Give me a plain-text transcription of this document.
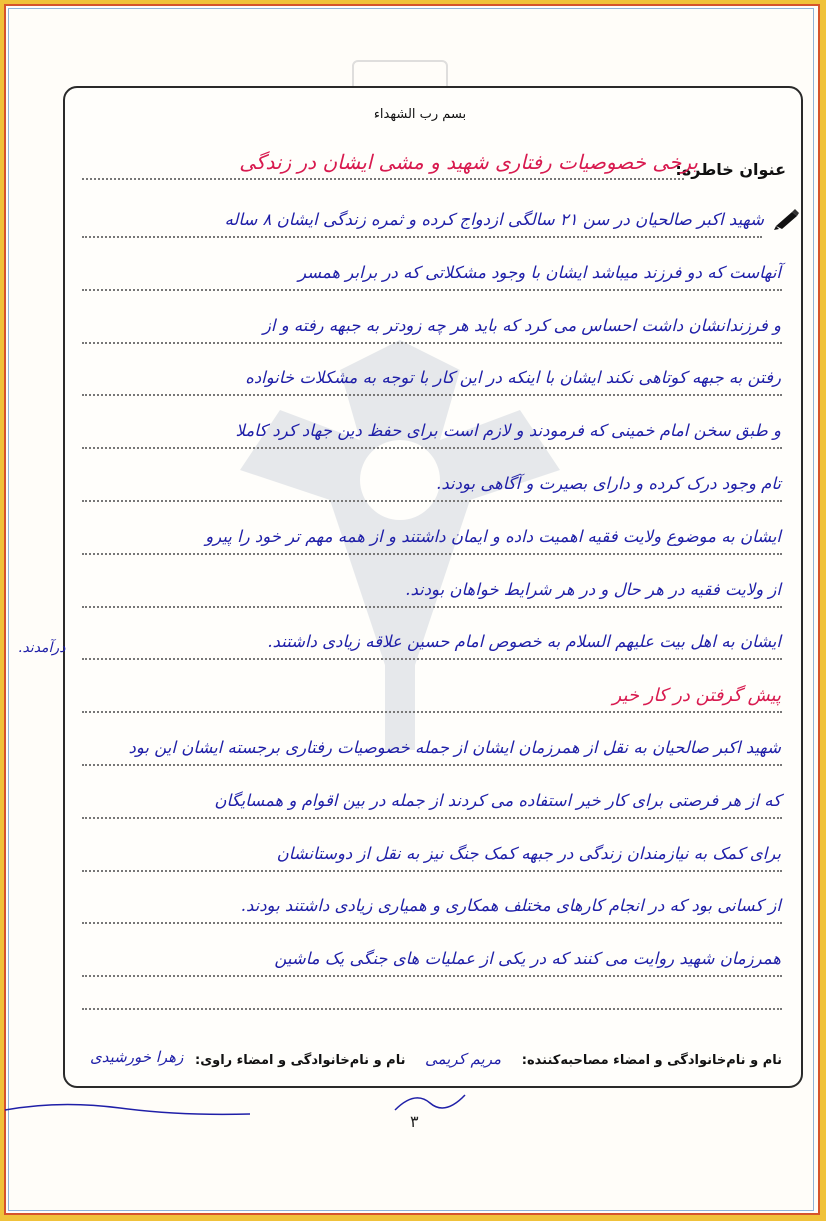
بسم رب الشهداء
عنوان خاطره:
برخی خصوصیات رفتاری شهید و مشی ایشان در زندگی
شهید اکبر صالحیان در سن ۲۱ سالگی ازدواج کرده و ثمره زندگی ایشان ۸ ساله
آنهاست که دو فرزند میباشد ایشان با وجود مشکلاتی که در برابر همسر
و فرزندانشان داشت احساس می کرد که باید هر چه زودتر به جبهه رفته و از
رفتن به جبهه کوتاهی نکند ایشان با اینکه در این کار با توجه به مشکلات خانواده
و طبق سخن امام خمینی که فرمودند و لازم است برای حفظ دین جهاد کرد کاملا
تام وجود درک کرده و دارای بصیرت و آگاهی بودند.
ایشان به موضوع ولایت فقیه اهمیت داده و ایمان داشتند و از همه مهم تر خود را پیرو
از ولایت فقیه در هر حال و در هر شرایط خواهان بودند.
ایشان به اهل بیت علیهم السلام به خصوص امام حسین علاقه زیادی داشتند.
پیش گرفتن در کار خیر
شهید اکبر صالحیان به نقل از همرزمان ایشان از جمله خصوصیات رفتاری برجسته ایشان این بود
که از هر فرصتی برای کار خیر استفاده می کردند از جمله در بین اقوام و همسایگان
برای کمک به نیازمندان زندگی در جبهه کمک جنگ نیز به نقل از دوستانشان
از کسانی بود که در انجام کارهای مختلف همکاری و همیاری زیادی داشتند بودند.
همرزمان شهید روایت می کنند که در یکی از عملیات های جنگی یک ماشین
درآمدند.
نام و نام‌خانوادگی و امضاء مصاحبه‌کننده:
مریم کریمی
نام و نام‌خانوادگی و امضاء راوی:
زهرا خورشیدی
۳
